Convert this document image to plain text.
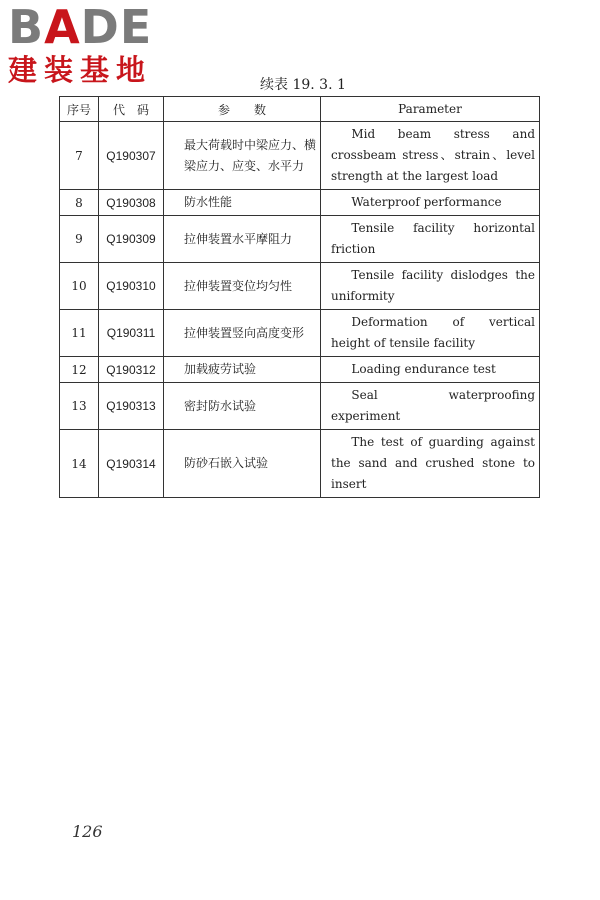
B A D E
建装基地	续表 19. 3. 1
序号	代　码	参　　数	Parameter
7	Q190307	最大荷载时中梁应力、横梁应力、应变、水平力	Mid beam stress and crossbeam stress、strain、level strength at the largest load
8	Q190308	防水性能	Waterproof performance
9	Q190309	拉伸装置水平摩阻力	Tensile facility horizontal friction
10	Q190310	拉伸装置变位均匀性	Tensile facility dislodges the uniformity
11	Q190311	拉伸装置竖向高度变形	Deformation of vertical height of tensile facility
12	Q190312	加载疲劳试验	Loading endurance test
13	Q190313	密封防水试验	Seal waterproofing experiment
14	Q190314	防砂石嵌入试验	The test of guarding against the sand and crushed stone to insert
126
